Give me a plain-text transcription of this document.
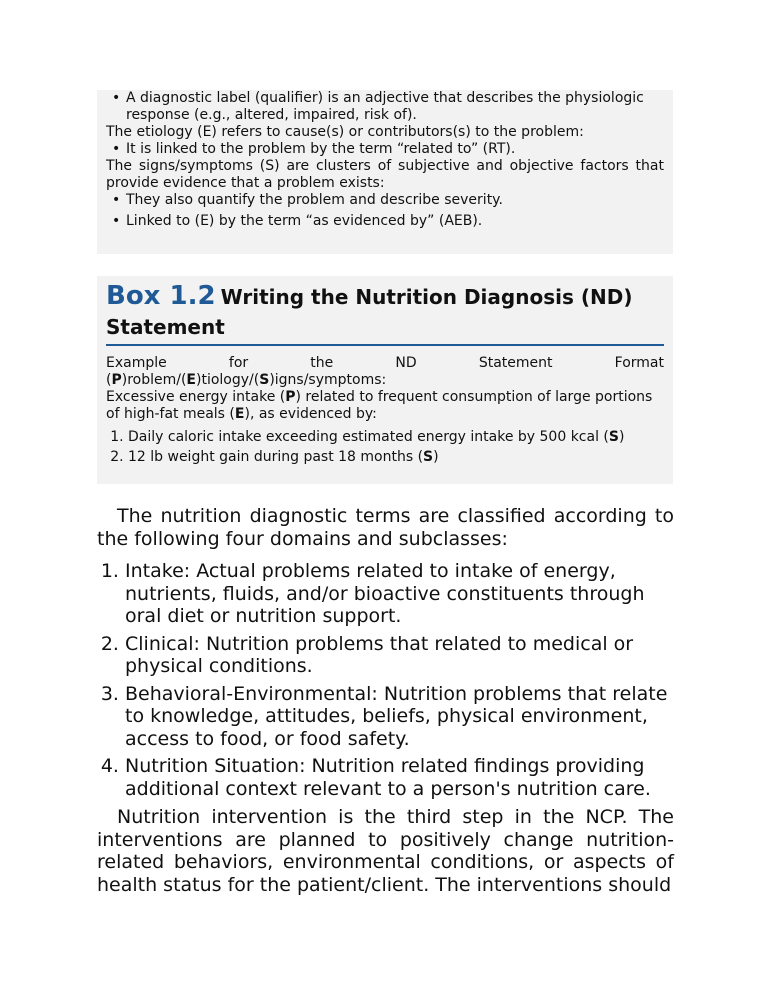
• A diagnostic label (qualifier) is an adjective that describes the physiologic response (e.g., altered, impaired, risk of).

The etiology (E) refers to cause(s) or contributors(s) to the problem:

• It is linked to the problem by the term “related to” (RT).

The signs/symptoms (S) are clusters of subjective and objective factors that provide evidence that a problem exists:

• They also quantify the problem and describe severity.
• Linked to (E) by the term “as evidenced by” (AEB).
Box 1.2 Writing the Nutrition Diagnosis (ND) Statement

Example for the ND Statement Format

(P)roblem/(E)tiology/(S)igns/symptoms:

Excessive energy intake (P) related to frequent consumption of large portions of high-fat meals (E), as evidenced by:

1. Daily caloric intake exceeding estimated energy intake by 500 kcal (S)
2. 12 lb weight gain during past 18 months (S)

The nutrition diagnostic terms are classified according to the following four domains and subclasses:

1. Intake: Actual problems related to intake of energy, nutrients, fluids, and/or bioactive constituents through oral diet or nutrition support.
2. Clinical: Nutrition problems that related to medical or physical conditions.
3. Behavioral-Environmental: Nutrition problems that relate to knowledge, attitudes, beliefs, physical environment, access to food, or food safety.
4. Nutrition Situation: Nutrition related findings providing additional context relevant to a person's nutrition care.

Nutrition intervention is the third step in the NCP. The interventions are planned to positively change nutrition-related behaviors, environmental conditions, or aspects of health status for the patient/client. The interventions should
